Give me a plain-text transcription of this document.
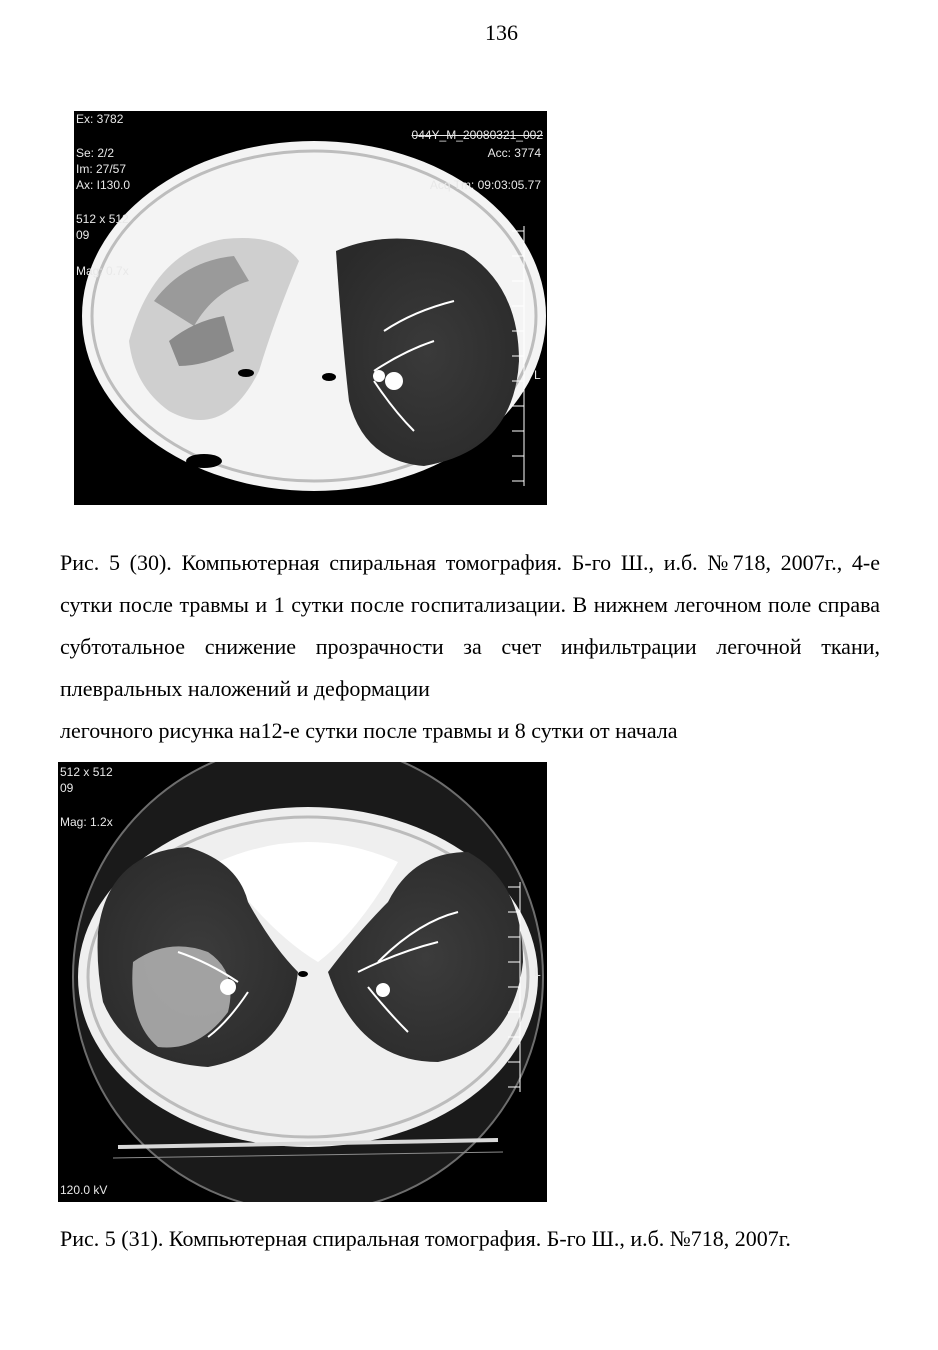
136
Ex: 3782
044Y_M_20080321_002
Se: 2/2	Acc: 3774
Im: 27/57
Ax: I130.0	Acq Tm: 09:03:05.77
512 x 512
09
Mag: 0.7x
L

Рис. 5 (30). Компьютерная спиральная томография. Б-го Ш., и.б. №718, 2007г., 4-е сутки после травмы и 1 сутки после госпитализации. В нижнем легочном поле справа субтотальное снижение прозрачности за счет инфильтрации легочной ткани, плевральных наложений и деформации

легочного рисунка на12-е сутки после травмы и 8 сутки от начала

512 x 512
09
Mag: 1.2x
120.0 kV
L

Рис. 5 (31). Компьютерная спиральная томография. Б-го Ш., и.б. №718, 2007г.
